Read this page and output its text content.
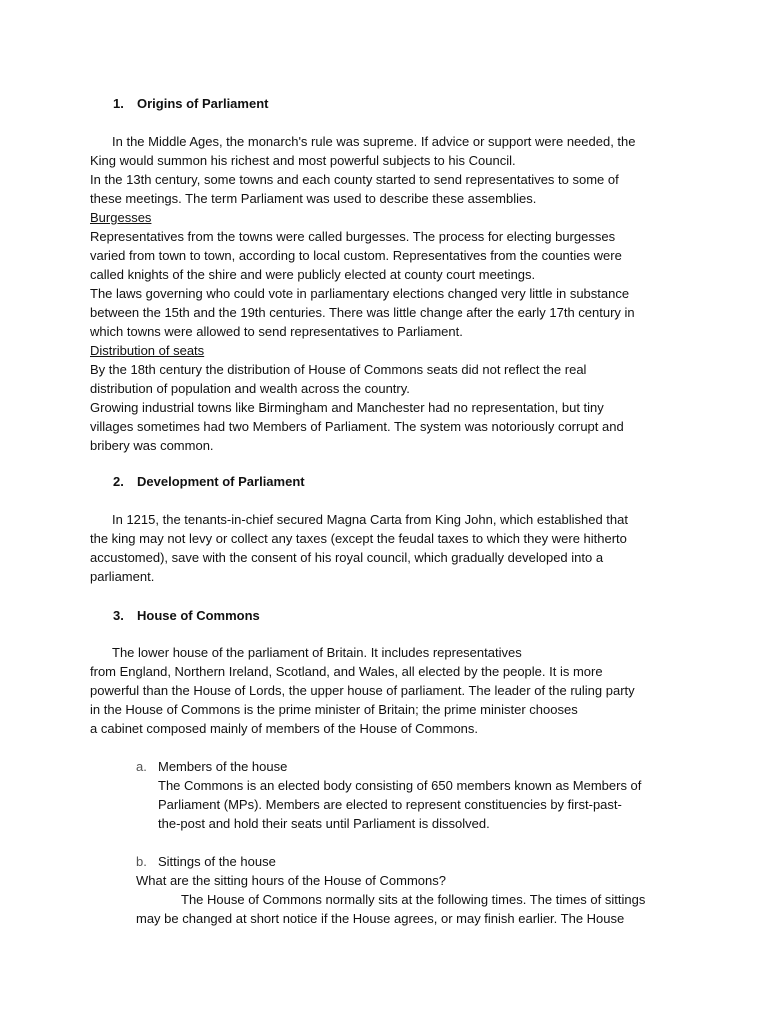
1. Origins of Parliament
In the Middle Ages, the monarch's rule was supreme. If advice or support were needed, the
King would summon his richest and most powerful subjects to his Council.
In the 13th century, some towns and each county started to send representatives to some of
these meetings. The term Parliament was used to describe these assemblies.
Burgesses
Representatives from the towns were called burgesses. The process for electing burgesses
varied from town to town, according to local custom. Representatives from the counties were
called knights of the shire and were publicly elected at county court meetings.
The laws governing who could vote in parliamentary elections changed very little in substance
between the 15th and the 19th centuries. There was little change after the early 17th century in
which towns were allowed to send representatives to Parliament.
Distribution of seats
By the 18th century the distribution of House of Commons seats did not reflect the real
distribution of population and wealth across the country.
Growing industrial towns like Birmingham and Manchester had no representation, but tiny
villages sometimes had two Members of Parliament. The system was notoriously corrupt and
bribery was common.
2. Development of Parliament
In 1215, the tenants-in-chief secured Magna Carta from King John, which established that
the king may not levy or collect any taxes (except the feudal taxes to which they were hitherto
accustomed), save with the consent of his royal council, which gradually developed into a
parliament.
3. House of Commons
The lower house of the parliament of Britain. It includes representatives
from England, Northern Ireland, Scotland, and Wales, all elected by the people. It is more
powerful than the House of Lords, the upper house of parliament. The leader of the ruling party
in the House of Commons is the prime minister of Britain; the prime minister chooses
a cabinet composed mainly of members of the House of Commons.
a. Members of the house
The Commons is an elected body consisting of 650 members known as Members of
Parliament (MPs). Members are elected to represent constituencies by first-past-
the-post and hold their seats until Parliament is dissolved.
b. Sittings of the house
What are the sitting hours of the House of Commons?
The House of Commons normally sits at the following times. The times of sittings
may be changed at short notice if the House agrees, or may finish earlier. The House
